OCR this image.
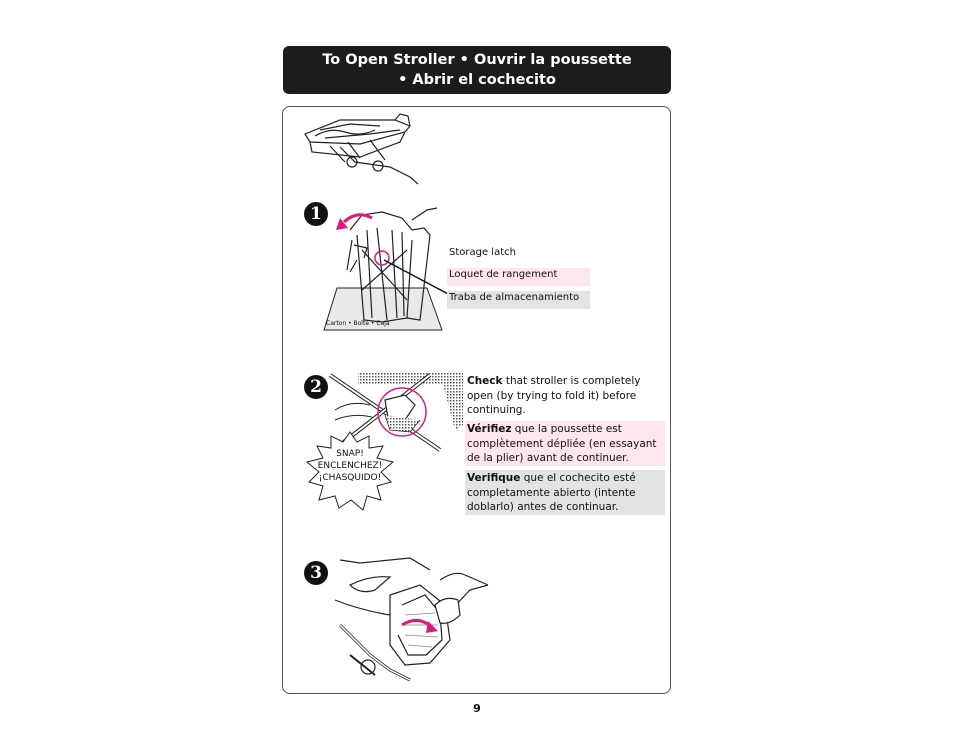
To Open Stroller • Ouvrir la poussette
• Abrir el cochecito
1
Carton • Boîte • Caja
Storage latch
Loquet de rangement
Traba de almacenamiento
2
SNAP!
ENCLENCHEZ!
¡CHASQUIDO!
Check that stroller is completely open (by trying to fold it) before continuing.
Vérifiez que la poussette est complètement dépliée (en essayant de la plier) avant de continuer.
Verifique que el cochecito esté completamente abierto (intente doblarlo) antes de continuar.
3
9
